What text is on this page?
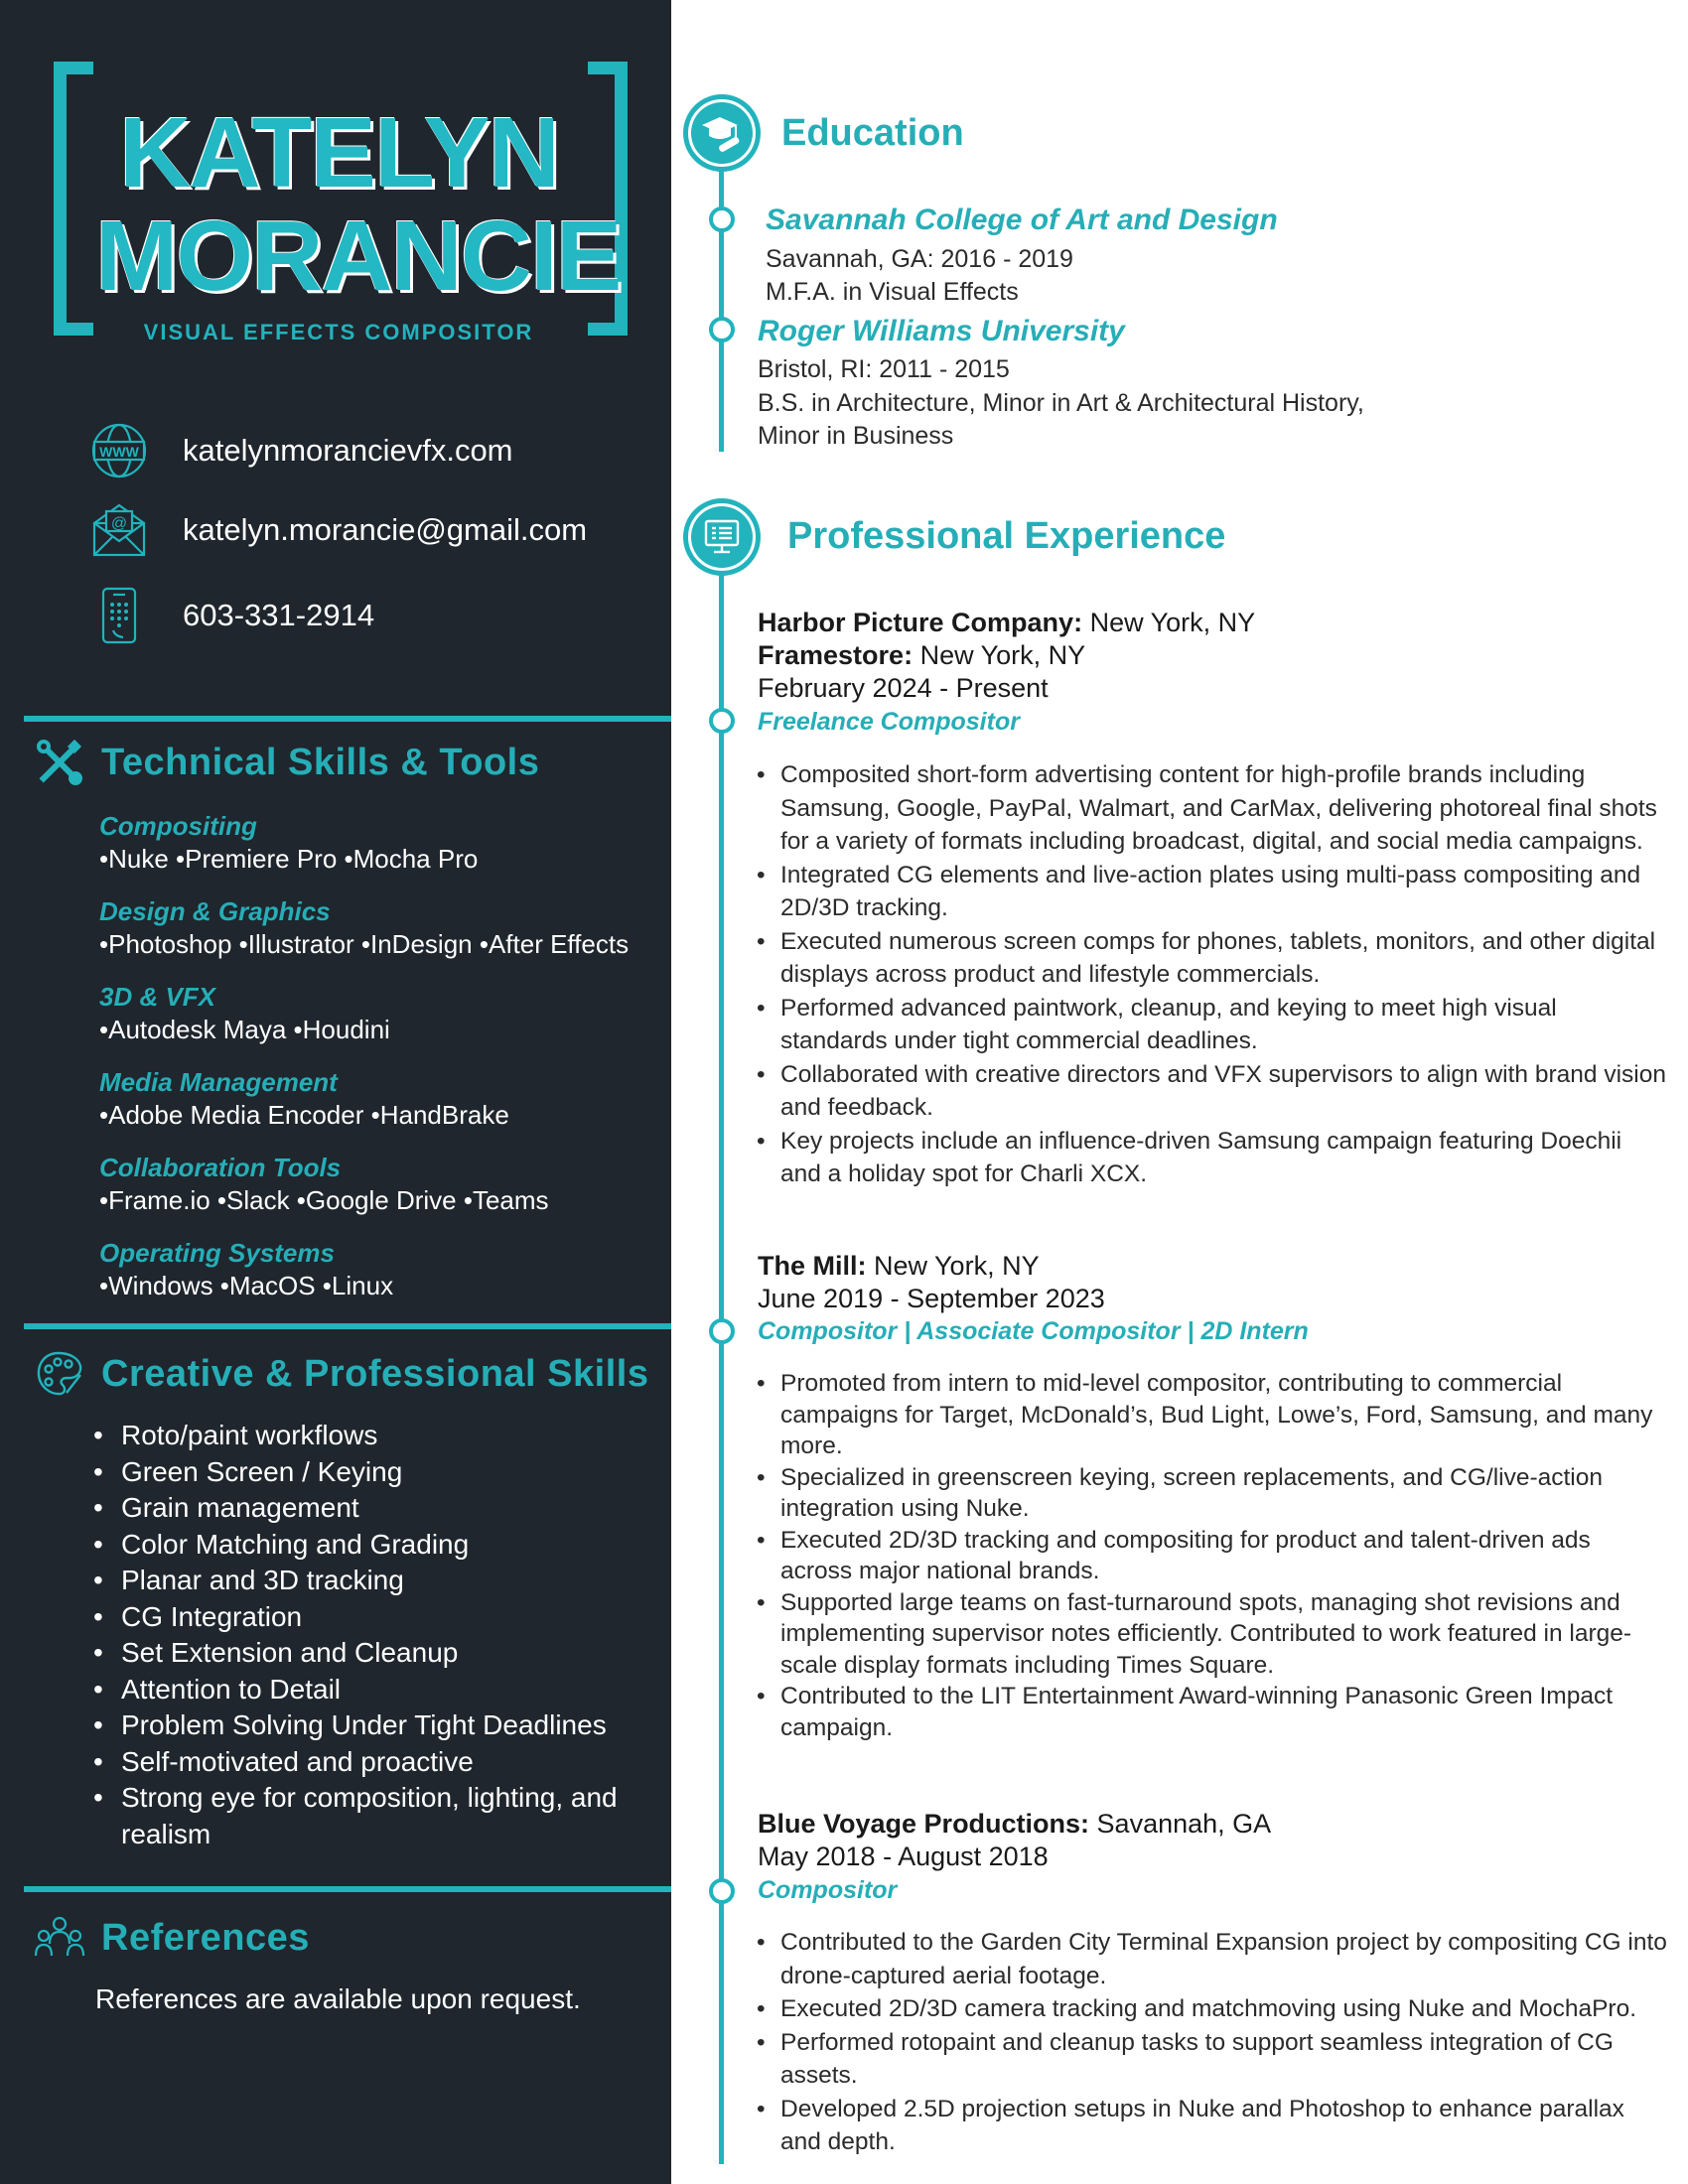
KATELYN
MORANCIE
VISUAL EFFECTS COMPOSITOR
WWW katelynmorancievfx.com
@ katelyn.morancie@gmail.com
603-331-2914
Technical Skills & Tools
Compositing
•Nuke •Premiere Pro •Mocha Pro
Design & Graphics
•Photoshop •Illustrator •InDesign •After Effects
3D & VFX
•Autodesk Maya •Houdini
Media Management
•Adobe Media Encoder •HandBrake
Collaboration Tools
•Frame.io •Slack •Google Drive •Teams
Operating Systems
•Windows •MacOS •Linux
Creative & Professional Skills
• Roto/paint workflows
• Green Screen / Keying
• Grain management
• Color Matching and Grading
• Planar and 3D tracking
• CG Integration
• Set Extension and Cleanup
• Attention to Detail
• Problem Solving Under Tight Deadlines
• Self-motivated and proactive
• Strong eye for composition, lighting, and realism
References
References are available upon request.
Education
Savannah College of Art and Design
Savannah, GA: 2016 - 2019
M.F.A. in Visual Effects
Roger Williams University
Bristol, RI: 2011 - 2015
B.S. in Architecture, Minor in Art & Architectural History,
Minor in Business
Professional Experience
Harbor Picture Company: New York, NY
Framestore: New York, NY
February 2024 - Present
Freelance Compositor
• Composited short-form advertising content for high-profile brands including Samsung, Google, PayPal, Walmart, and CarMax, delivering photoreal final shots for a variety of formats including broadcast, digital, and social media campaigns.
• Integrated CG elements and live-action plates using multi-pass compositing and 2D/3D tracking.
• Executed numerous screen comps for phones, tablets, monitors, and other digital displays across product and lifestyle commercials.
• Performed advanced paintwork, cleanup, and keying to meet high visual standards under tight commercial deadlines.
• Collaborated with creative directors and VFX supervisors to align with brand vision and feedback.
• Key projects include an influence-driven Samsung campaign featuring Doechii and a holiday spot for Charli XCX.
The Mill: New York, NY
June 2019 - September 2023
Compositor | Associate Compositor | 2D Intern
• Promoted from intern to mid-level compositor, contributing to commercial campaigns for Target, McDonald’s, Bud Light, Lowe’s, Ford, Samsung, and many more.
• Specialized in greenscreen keying, screen replacements, and CG/live-action integration using Nuke.
• Executed 2D/3D tracking and compositing for product and talent-driven ads across major national brands.
• Supported large teams on fast-turnaround spots, managing shot revisions and implementing supervisor notes efficiently. Contributed to work featured in large-scale display formats including Times Square.
• Contributed to the LIT Entertainment Award-winning Panasonic Green Impact campaign.
Blue Voyage Productions: Savannah, GA
May 2018 - August 2018
Compositor
• Contributed to the Garden City Terminal Expansion project by compositing CG into drone-captured aerial footage.
• Executed 2D/3D camera tracking and matchmoving using Nuke and MochaPro.
• Performed rotopaint and cleanup tasks to support seamless integration of CG assets.
• Developed 2.5D projection setups in Nuke and Photoshop to enhance parallax and depth.
